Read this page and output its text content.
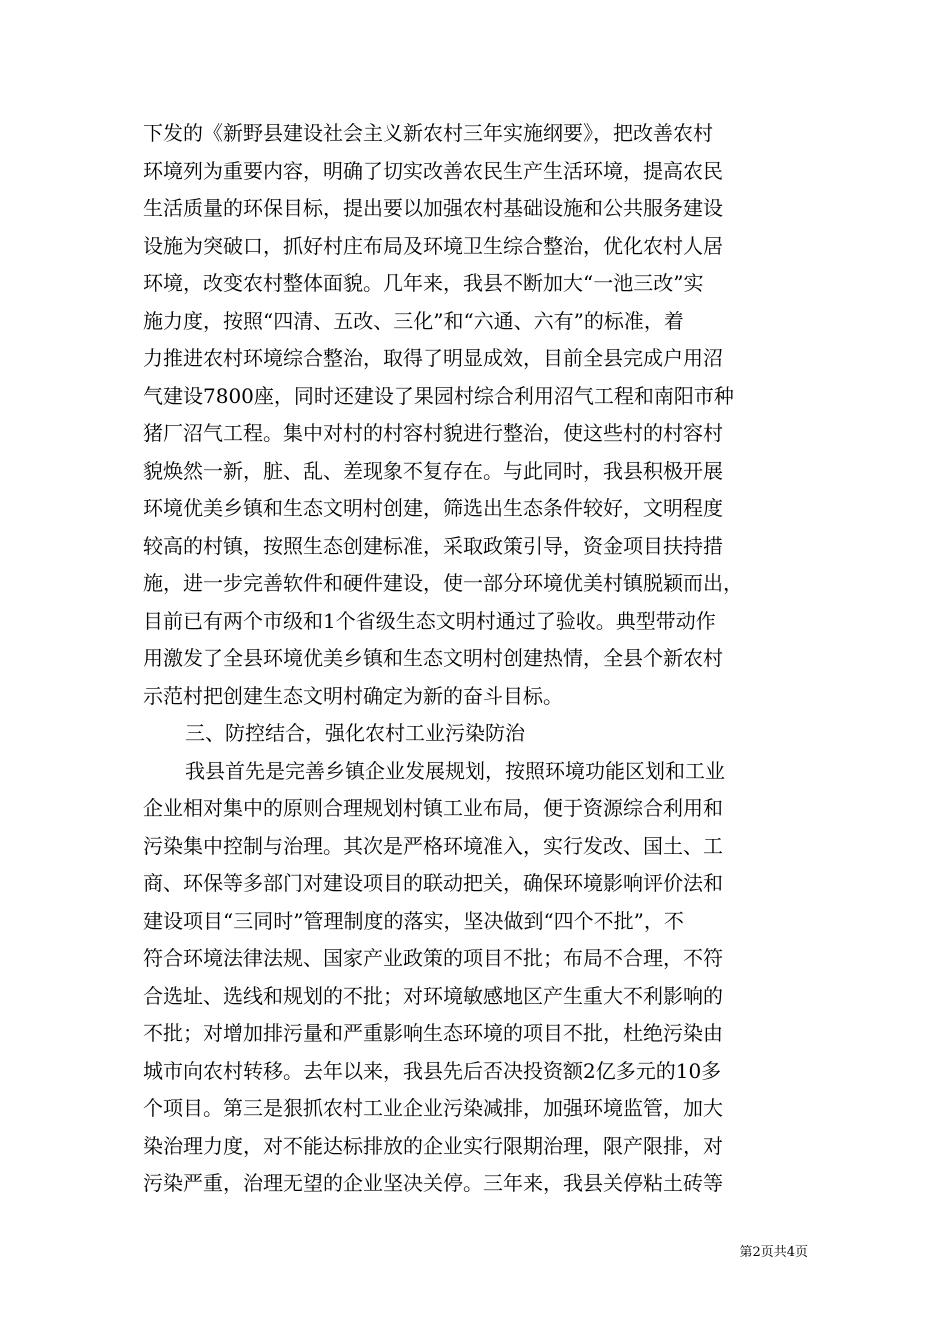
下发的《新野县建设社会主义新农村三年实施纲要》，把改善农村
环境列为重要内容，明确了切实改善农民生产生活环境，提高农民
生活质量的环保目标，提出要以加强农村基础设施和公共服务建设
设施为突破口，抓好村庄布局及环境卫生综合整治，优化农村人居
环境，改变农村整体面貌。几年来，我县不断加大“一池三改”实
施力度，按照“四清、五改、三化”和“六通、六有”的标准，着
力推进农村环境综合整治，取得了明显成效，目前全县完成户用沼
气建设7800座，同时还建设了果园村综合利用沼气工程和南阳市种
猪厂沼气工程。集中对村的村容村貌进行整治，使这些村的村容村
貌焕然一新，脏、乱、差现象不复存在。与此同时，我县积极开展
环境优美乡镇和生态文明村创建，筛选出生态条件较好，文明程度
较高的村镇，按照生态创建标准，采取政策引导，资金项目扶持措
施，进一步完善软件和硬件建设，使一部分环境优美村镇脱颖而出，
目前已有两个市级和1个省级生态文明村通过了验收。典型带动作
用激发了全县环境优美乡镇和生态文明村创建热情，全县个新农村
示范村把创建生态文明村确定为新的奋斗目标。
三、防控结合，强化农村工业污染防治
我县首先是完善乡镇企业发展规划，按照环境功能区划和工业
企业相对集中的原则合理规划村镇工业布局，便于资源综合利用和
污染集中控制与治理。其次是严格环境准入，实行发改、国土、工
商、环保等多部门对建设项目的联动把关，确保环境影响评价法和
建设项目“三同时”管理制度的落实，坚决做到“四个不批”，不
符合环境法律法规、国家产业政策的项目不批；布局不合理，不符
合选址、选线和规划的不批；对环境敏感地区产生重大不利影响的
不批；对增加排污量和严重影响生态环境的项目不批，杜绝污染由
城市向农村转移。去年以来，我县先后否决投资额2亿多元的10多
个项目。第三是狠抓农村工业企业污染减排，加强环境监管，加大
染治理力度，对不能达标排放的企业实行限期治理，限产限排，对
污染严重，治理无望的企业坚决关停。三年来，我县关停粘土砖等
第2页共4页
